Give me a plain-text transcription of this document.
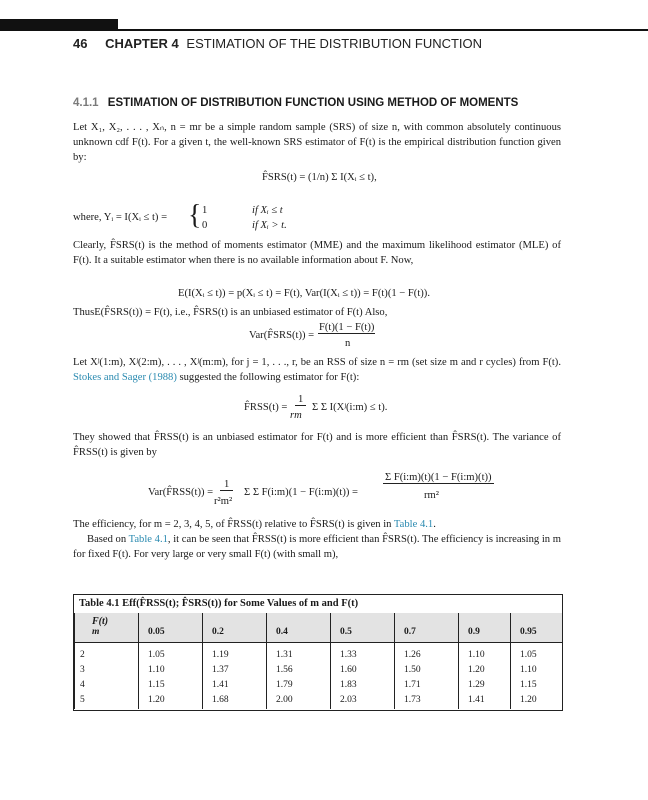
46 CHAPTER 4 ESTIMATION OF THE DISTRIBUTION FUNCTION
4.1.1 ESTIMATION OF DISTRIBUTION FUNCTION USING METHOD OF MOMENTS
Let X₁, X₂, . . . , Xₙ, n = mr be a simple random sample (SRS) of size n, with common absolutely continuous unknown cdf F(t). For a given t, the well-known SRS estimator of F(t) is the empirical distribution function given by:
F̂SRS(t) = (1/n) Σ I(Xᵢ ≤ t),
where, Yᵢ = I(Xᵢ ≤ t) = { 1	if Xᵢ ≤ t
0	if Xᵢ > t.
Clearly, F̂SRS(t) is the method of moments estimator (MME) and the maximum likelihood estimator (MLE) of F(t). It a suitable estimator when there is no available information about F. Now,
E(I(Xᵢ ≤ t)) = p(Xᵢ ≤ t) = F(t), Var(I(Xᵢ ≤ t)) = F(t)(1 − F(t)).
ThusE(F̂SRS(t)) = F(t), i.e., F̂SRS(t) is an unbiased estimator of F(t) Also,
Var(F̂SRS(t)) =
F(t)(1 − F(t))
n
Let Xʲ(1:m), Xʲ(2:m), . . . , Xʲ(m:m), for j = 1, . . ., r, be an RSS of size n = rm (set size m and r cycles) from F(t). Stokes and Sager (1988) suggested the following estimator for F(t):
F̂RSS(t) =
1
rm
Σ Σ I(Xʲ(i:m) ≤ t).
They showed that F̂RSS(t) is an unbiased estimator for F(t) and is more efficient than F̂SRS(t). The variance of F̂RSS(t) is given by
Var(F̂RSS(t)) =
1
r²m²
Σ Σ F(i:m)(1 − F(i:m)(t)) =
Σ F(i:m)(t)(1 − F(i:m)(t))
rm²
The efficiency, for m = 2, 3, 4, 5, of F̂RSS(t) relative to F̂SRS(t) is given in Table 4.1.
Based on Table 4.1, it can be seen that F̂RSS(t) is more efficient than F̂SRS(t). The efficiency is increasing in m for fixed F(t). For very large or very small F(t) (with small m),
Table 4.1 Eff(F̂RSS(t); F̂SRS(t)) for Some Values of m and F(t)
F(t)
m	0.05	0.2	0.4	0.5	0.7	0.9	0.95
2	1.05	1.19	1.31	1.33	1.26	1.10	1.05
3	1.10	1.37	1.56	1.60	1.50	1.20	1.10
4	1.15	1.41	1.79	1.83	1.71	1.29	1.15
5	1.20	1.68	2.00	2.03	1.73	1.41	1.20
